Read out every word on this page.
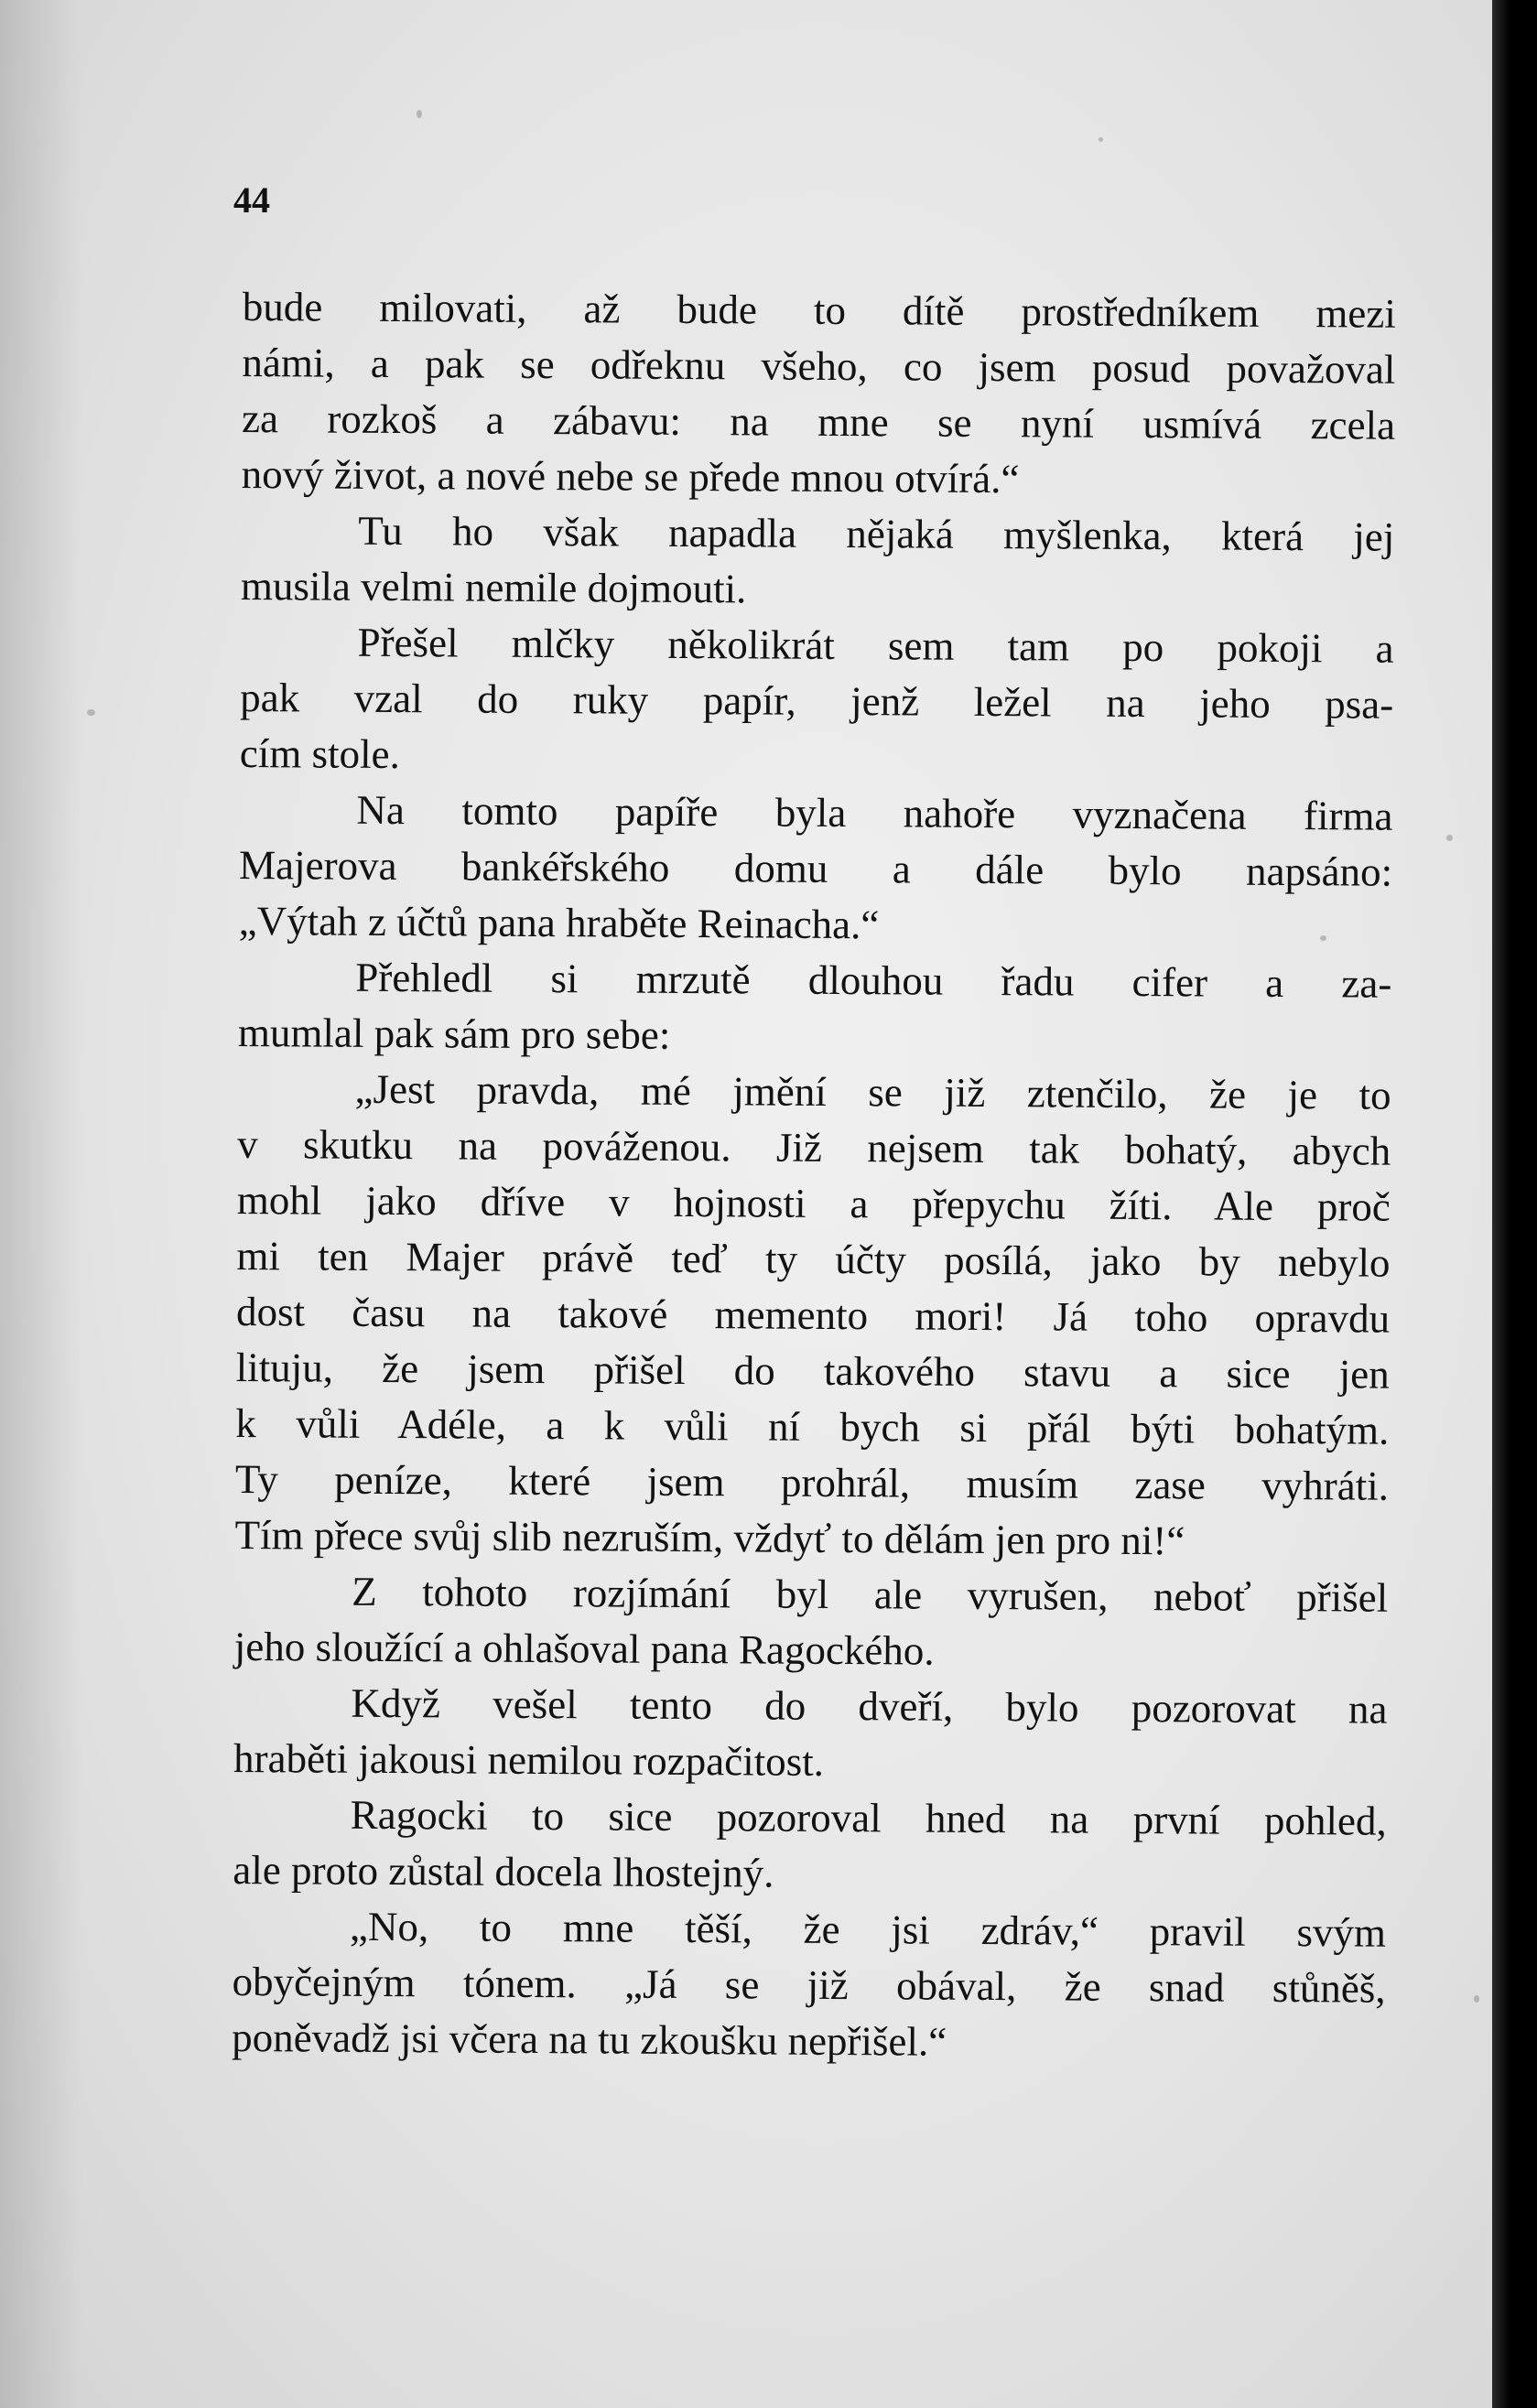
44
bude milovati, až bude to dítě prostředníkem mezi
námi, a pak se odřeknu všeho, co jsem posud považoval
za rozkoš a zábavu: na mne se nyní usmívá zcela
nový život, a nové nebe se přede mnou otvírá.“
Tu ho však napadla nějaká myšlenka, která jej
musila velmi nemile dojmouti.
Přešel mlčky několikrát sem tam po pokoji a
pak vzal do ruky papír, jenž ležel na jeho psa-
cím stole.
Na tomto papíře byla nahoře vyznačena firma
Majerova bankéřského domu a dále bylo napsáno:
„Výtah z účtů pana hraběte Reinacha.“
Přehledl si mrzutě dlouhou řadu cifer a za-
mumlal pak sám pro sebe:
„Jest pravda, mé jmění se již ztenčilo, že je to
v skutku na pováženou. Již nejsem tak bohatý, abych
mohl jako dříve v hojnosti a přepychu žíti. Ale proč
mi ten Majer právě teď ty účty posílá, jako by nebylo
dost času na takové memento mori! Já toho opravdu
lituju, že jsem přišel do takového stavu a sice jen
k vůli Adéle, a k vůli ní bych si přál býti bohatým.
Ty peníze, které jsem prohrál, musím zase vyhráti.
Tím přece svůj slib nezruším, vždyť to dělám jen pro ni!“
Z tohoto rozjímání byl ale vyrušen, neboť přišel
jeho sloužící a ohlašoval pana Ragockého.
Když vešel tento do dveří, bylo pozorovat na
hraběti jakousi nemilou rozpačitost.
Ragocki to sice pozoroval hned na první pohled,
ale proto zůstal docela lhostejný.
„No, to mne těší, že jsi zdráv,“ pravil svým
obyčejným tónem. „Já se již obával, že snad stůněš,
poněvadž jsi včera na tu zkoušku nepřišel.“
